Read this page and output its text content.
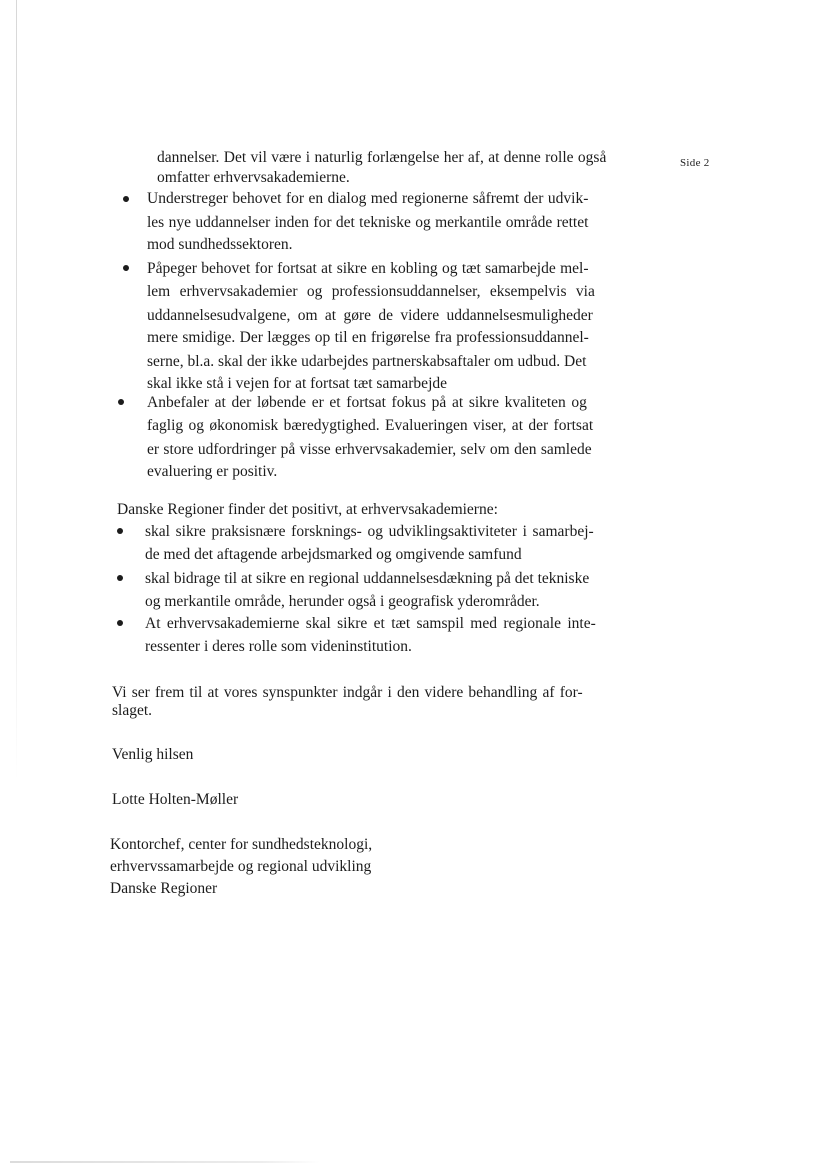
Side 2
dannelser. Det vil være i naturlig forlængelse her af, at denne rolle også
omfatter erhvervsakademierne.
Understreger behovet for en dialog med regionerne såfremt der udvik-
les nye uddannelser inden for det tekniske og merkantile område rettet
mod sundhedssektoren.
Påpeger behovet for fortsat at sikre en kobling og tæt samarbejde mel-
lem erhvervsakademier og professionsuddannelser, eksempelvis via
uddannelsesudvalgene, om at gøre de videre uddannelsesmuligheder
mere smidige. Der lægges op til en frigørelse fra professionsuddannel-
serne, bl.a. skal der ikke udarbejdes partnerskabsaftaler om udbud. Det
skal ikke stå i vejen for at fortsat tæt samarbejde
Anbefaler at der løbende er et fortsat fokus på at sikre kvaliteten og
faglig og økonomisk bæredygtighed. Evalueringen viser, at der fortsat
er store udfordringer på visse erhvervsakademier, selv om den samlede
evaluering er positiv.
Danske Regioner finder det positivt, at erhvervsakademierne:
skal sikre praksisnære forsknings- og udviklingsaktiviteter i samarbej-
de med det aftagende arbejdsmarked og omgivende samfund
skal bidrage til at sikre en regional uddannelsesdækning på det tekniske
og merkantile område, herunder også i geografisk yderområder.
At erhvervsakademierne skal sikre et tæt samspil med regionale inte-
ressenter i deres rolle som videninstitution.
Vi ser frem til at vores synspunkter indgår i den videre behandling af for-
slaget.
Venlig hilsen
Lotte Holten-Møller
Kontorchef, center for sundhedsteknologi,
erhvervssamarbejde og regional udvikling
Danske Regioner
